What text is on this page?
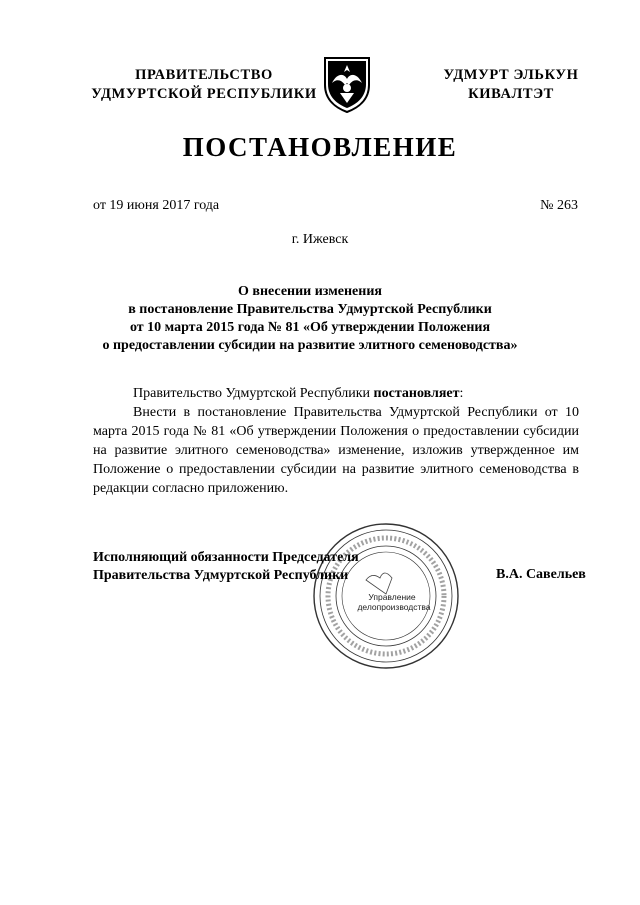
ПРАВИТЕЛЬСТВО
УДМУРТСКОЙ РЕСПУБЛИКИ
УДМУРТ ЭЛЬКУН
КИВАЛТЭТ
ПОСТАНОВЛЕНИЕ
от 19 июня 2017 года	№ 263
г. Ижевск
О внесении изменения
в постановление Правительства Удмуртской Республики
от 10 марта 2015 года № 81 «Об утверждении Положения
о предоставлении субсидии на развитие элитного семеноводства»

Правительство Удмуртской Республики постановляет:

Внести в постановление Правительства Удмуртской Республики от 10 марта 2015 года № 81 «Об утверждении Положения о предоставлении субсидии на развитие элитного семеноводства» изменение, изложив утвержденное им Положение о предоставлении субсидии на развитие элитного семеноводства в редакции согласно приложению.

Управление
делопроизводства
Исполняющий обязанности Председателя
Правительства Удмуртской Республики	В.А. Савельев
